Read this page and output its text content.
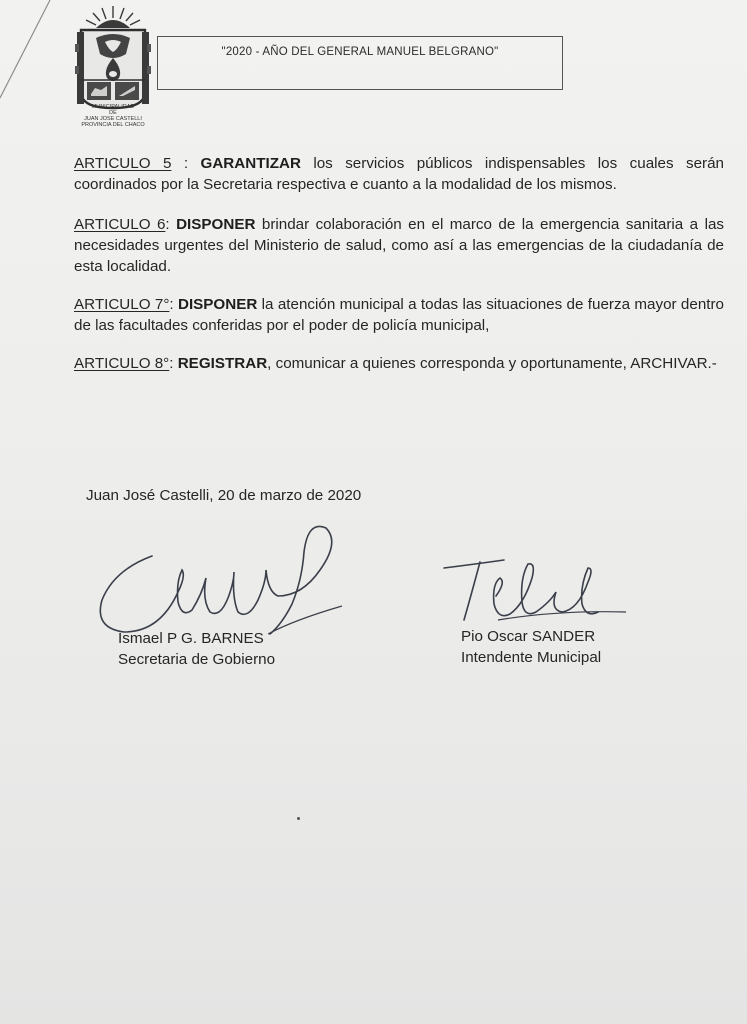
MUNICIPALIDAD
DE
JUAN JOSE CASTELLI
PROVINCIA DEL CHACO
"2020 - AÑO DEL GENERAL MANUEL BELGRANO"
ARTICULO 5 : GARANTIZAR los servicios públicos indispensables los cuales serán coordinados por la Secretaria respectiva e cuanto a la modalidad de los mismos.
ARTICULO 6: DISPONER brindar colaboración en el marco de la emergencia sanitaria a las necesidades urgentes del Ministerio de salud, como así a las emergencias de la ciudadanía de esta localidad.
ARTICULO 7°: DISPONER la atención municipal a todas las situaciones de fuerza mayor dentro de las facultades conferidas por el poder de policía municipal,
ARTICULO 8°: REGISTRAR, comunicar a quienes corresponda y oportunamente, ARCHIVAR.-
Juan José Castelli, 20 de marzo de 2020
Ismael P G. BARNES
Secretaria de Gobierno
Pio Oscar SANDER
Intendente Municipal
